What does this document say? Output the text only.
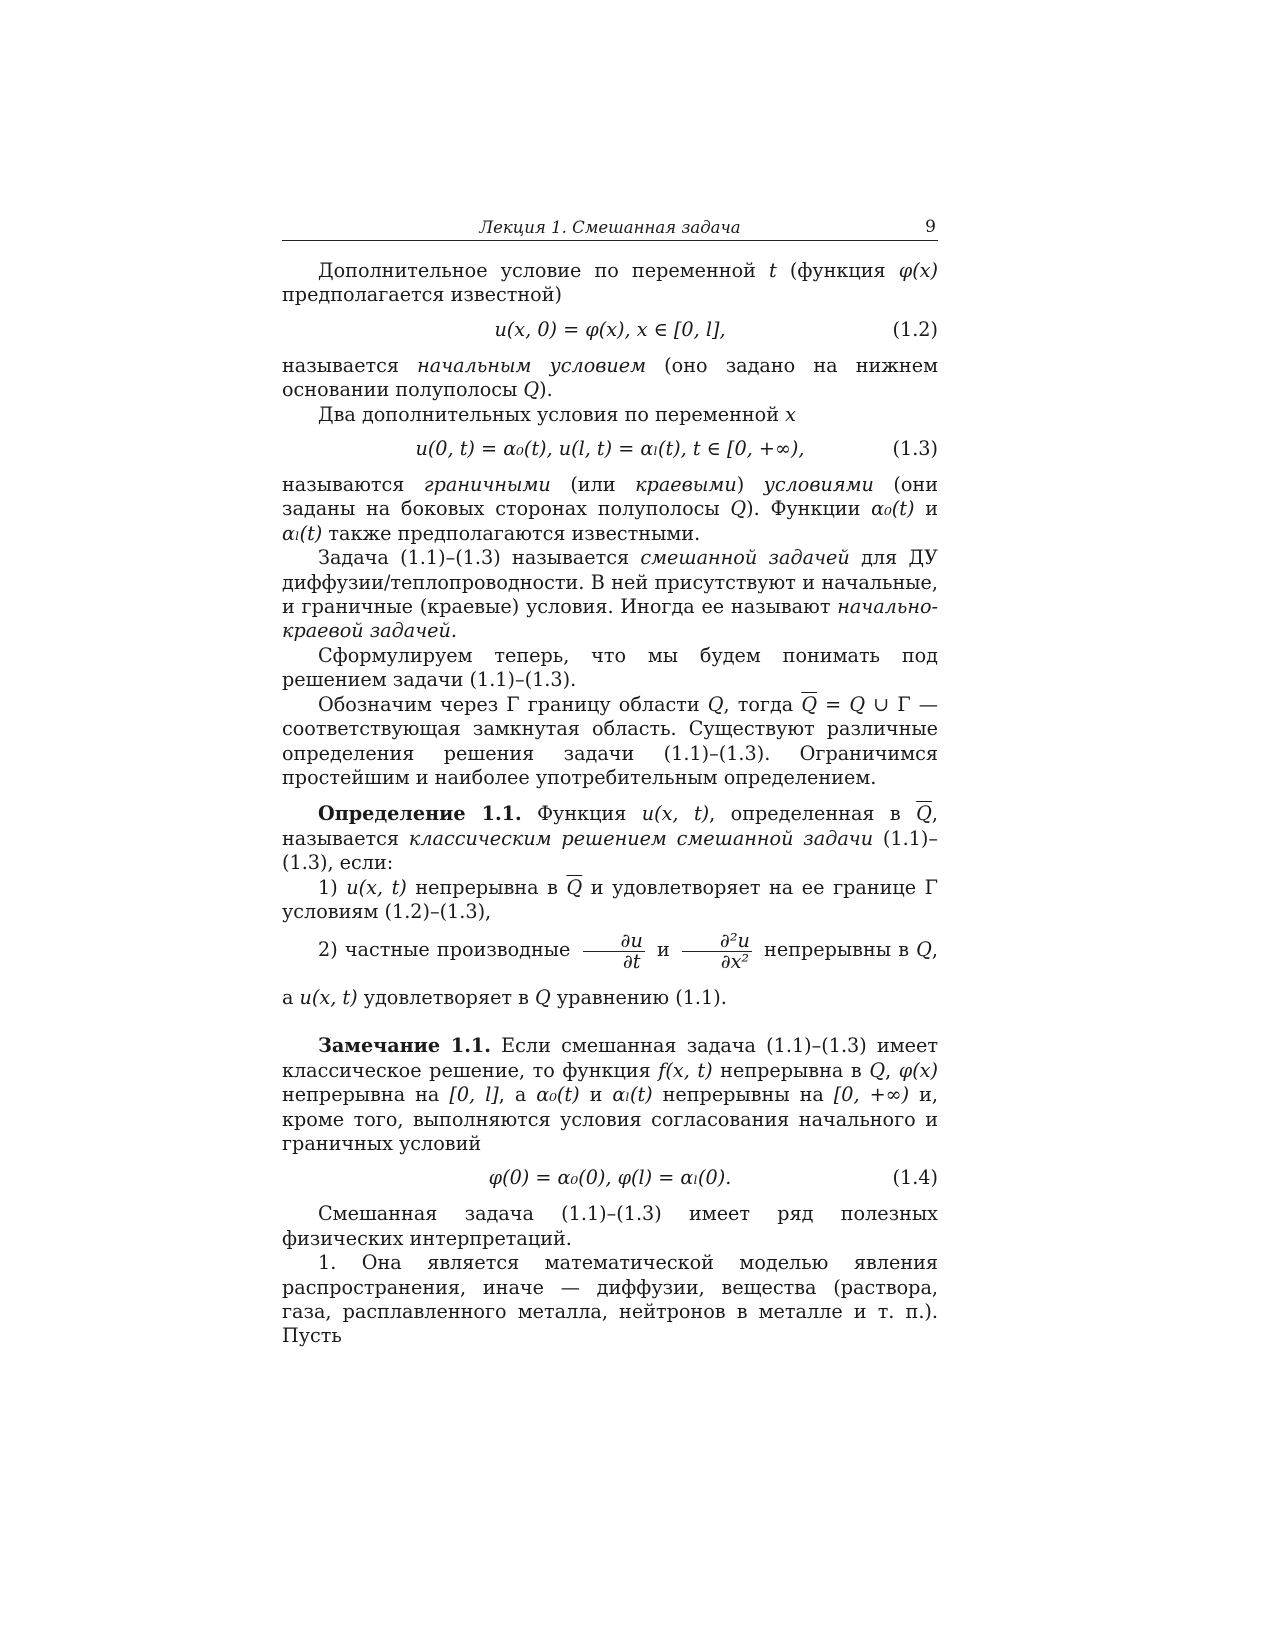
Лекция 1. Смешанная задача	9

Дополнительное условие по переменной t (функция φ(x) предполагается известной)

u(x, 0) = φ(x), x ∈ [0, l],	(1.2)

называется начальным условием (оно задано на нижнем основании полуполосы Q).

Два дополнительных условия по переменной x

u(0, t) = α₀(t), u(l, t) = αₗ(t), t ∈ [0, +∞),	(1.3)

называются граничными (или краевыми) условиями (они заданы на боковых сторонах полуполосы Q). Функции α₀(t) и αₗ(t) также предполагаются известными.

Задача (1.1)–(1.3) называется смешанной задачей для ДУ диффузии/теплопроводности. В ней присутствуют и начальные, и граничные (краевые) условия. Иногда ее называют начально-краевой задачей.

Сформулируем теперь, что мы будем понимать под решением задачи (1.1)–(1.3).

Обозначим через Γ границу области Q, тогда $\overline{Q} = Q$ ∪ Γ — соответствующая замкнутая область. Существуют различные определения решения задачи (1.1)–(1.3). Ограничимся простейшим и наиболее употребительным определением.

Определение 1.1. Функция u(x, t), определенная в $\overline{Q}$, называется классическим решением смешанной задачи (1.1)–(1.3), если:

1) u(x, t) непрерывна в $\overline{Q}$ и удовлетворяет на ее границе Γ условиям (1.2)–(1.3),

2) частные производные $\frac{\partial u}{\partial t}$ и $\frac{\text{∂²u}}{\text{∂x²}}$ непрерывны в Q, а u(x, t) удовлетворяет в Q уравнению (1.1).

Замечание 1.1. Если смешанная задача (1.1)–(1.3) имеет классическое решение, то функция f(x, t) непрерывна в Q, φ(x) непрерывна на [0, l], а α₀(t) и αₗ(t) непрерывны на [0, +∞) и, кроме того, выполняются условия согласования начального и граничных условий

φ(0) = α₀(0), φ(l) = αₗ(0).	(1.4)

Смешанная задача (1.1)–(1.3) имеет ряд полезных физических интерпретаций.

1. Она является математической моделью явления распространения, иначе — диффузии, вещества (раствора, газа, расплавленного металла, нейтронов в металле и т. п.). Пусть
